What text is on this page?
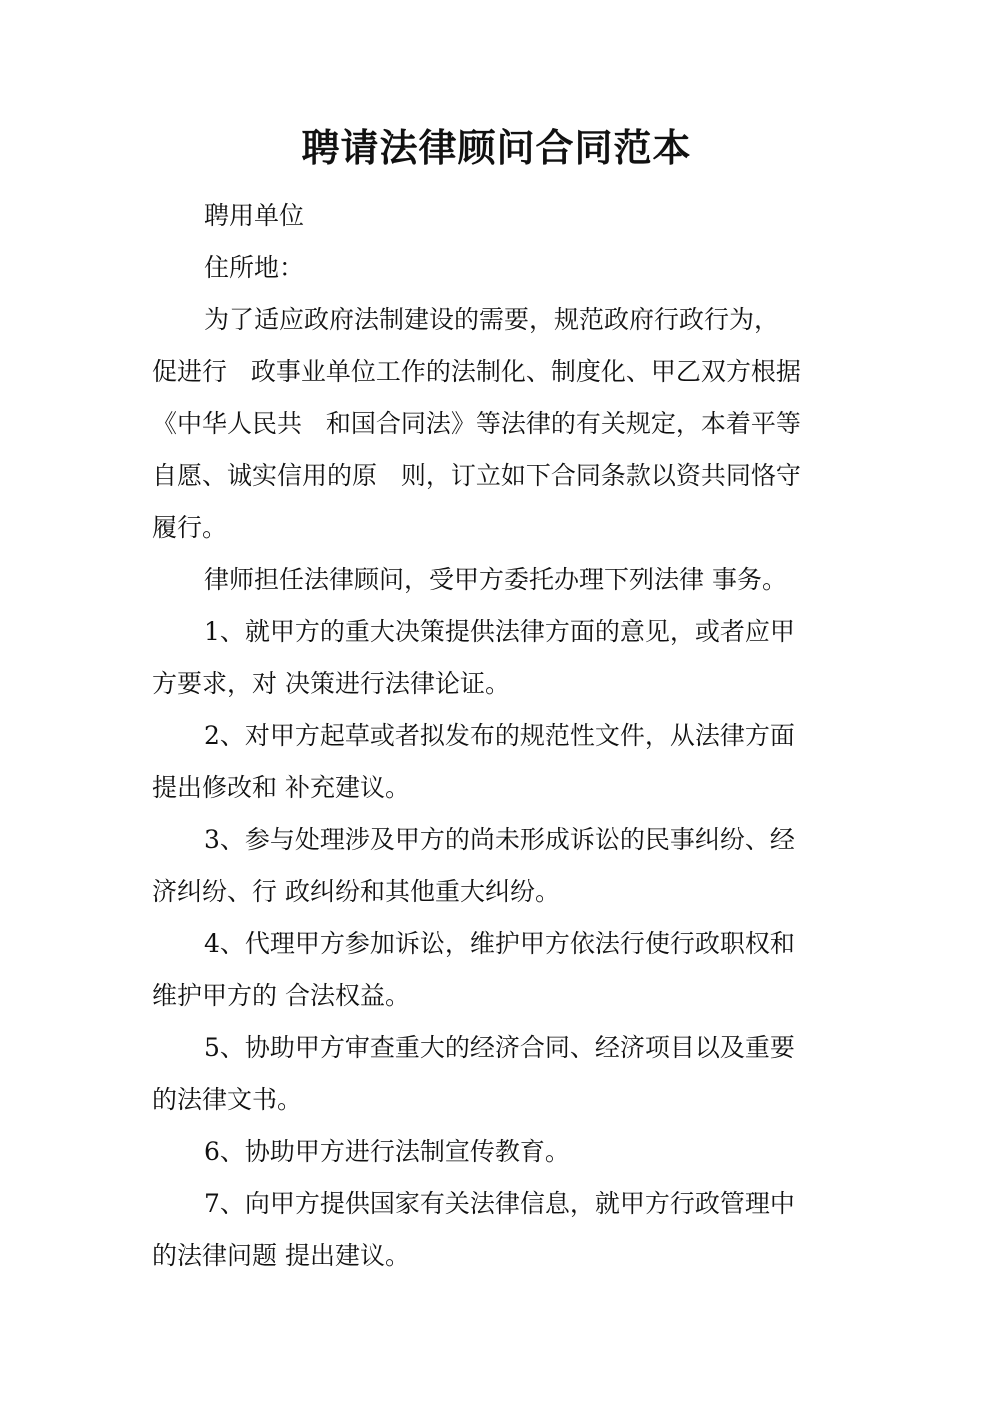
聘请法律顾问合同范本
聘用单位
住所地：
为了适应政府法制建设的需要，规范政府行政行为，
促进行   政事业单位工作的法制化、制度化、甲乙双方根据
《中华人民共   和国合同法》等法律的有关规定，本着平等
自愿、诚实信用的原   则，订立如下合同条款以资共同恪守
履行。
律师担任法律顾问，受甲方委托办理下列法律 事务。
1、就甲方的重大决策提供法律方面的意见，或者应甲
方要求，对 决策进行法律论证。
2、对甲方起草或者拟发布的规范性文件，从法律方面
提出修改和 补充建议。
3、参与处理涉及甲方的尚未形成诉讼的民事纠纷、经
济纠纷、行 政纠纷和其他重大纠纷。
4、代理甲方参加诉讼，维护甲方依法行使行政职权和
维护甲方的 合法权益。
5、协助甲方审查重大的经济合同、经济项目以及重要
的法律文书。
6、协助甲方进行法制宣传教育。
7、向甲方提供国家有关法律信息，就甲方行政管理中
的法律问题 提出建议。
